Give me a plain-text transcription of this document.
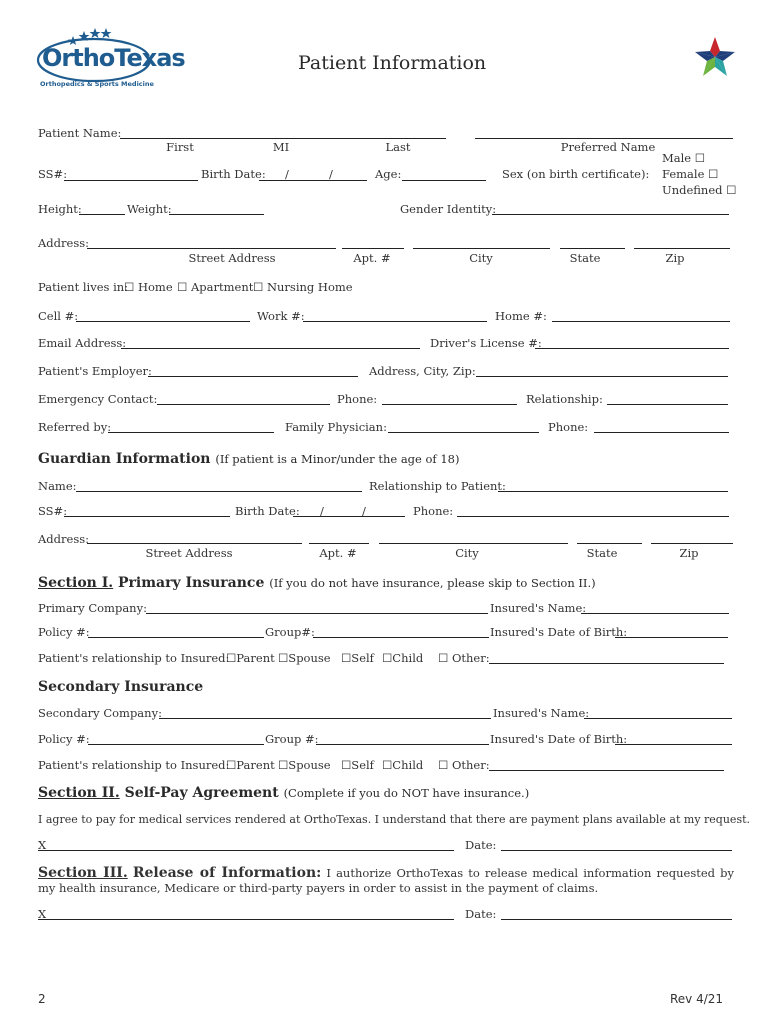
OrthoTexas
Orthopedics & Sports Medicine
Patient Information
Patient Name:
First	MI	Last	Preferred Name
SS#:	Birth Date: /	/	Age:	Sex (on birth certificate):
Male ☐
Female ☐
Undefined ☐
Height:	Weight:	Gender Identity:
Address:
Street Address	Apt. #	City	State	Zip
Patient lives in:
☐ Home ☐ Apartment ☐ Nursing Home
Cell #:	Work #:	Home #:
Email Address:	Driver's License #:
Patient's Employer:	Address, City, Zip:
Emergency Contact:	Phone:	Relationship:
Referred by:	Family Physician:	Phone:
Guardian Information (If patient is a Minor/under the age of 18)
Name:	Relationship to Patient:
SS#:	Birth Date: /	/	Phone:
Address:
Street Address	Apt. #	City	State	Zip
Section I. Primary Insurance (If you do not have insurance, please skip to Section II.)
Primary Company:	Insured's Name:
Policy #:	Group#:	Insured's Date of Birth:
Patient's relationship to Insured:
☐Parent ☐Spouse ☐Self ☐Child ☐ Other:
Secondary Insurance
Secondary Company:	Insured's Name:
Policy #:	Group #:	Insured's Date of Birth:
Patient's relationship to Insured:
☐Parent ☐Spouse ☐Self ☐Child ☐ Other:
Section II. Self-Pay Agreement (Complete if you do NOT have insurance.)
I agree to pay for medical services rendered at OrthoTexas. I understand that there are payment plans available at my request.
X	Date:
Section III. Release of Information: I authorize OrthoTexas to release medical information requested by my health insurance, Medicare or third-party payers in order to assist in the payment of claims.
X	Date:
2	Rev 4/21
